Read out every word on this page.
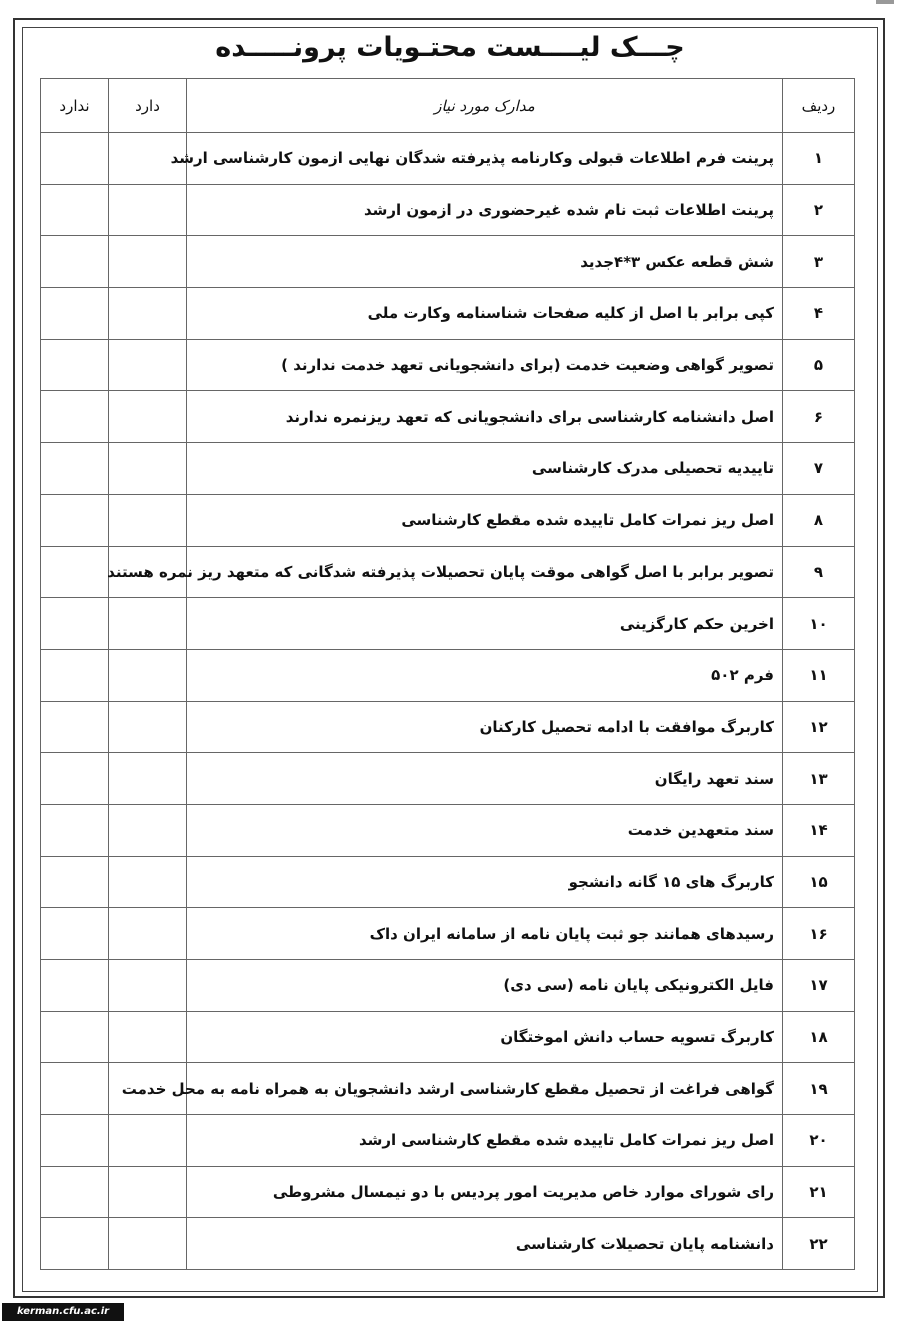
چـــک لیــــست محتـویات پرونـــــده
ردیف	مدارک مورد نیاز	دارد	ندارد
۱	پرینت فرم اطلاعات قبولی وکارنامه پذیرفته شدگان نهایی ازمون کارشناسی ارشد		
۲	پرینت اطلاعات ثبت نام شده غیرحضوری در ازمون ارشد		
۳	شش قطعه عکس ۳*۴جدید		
۴	کپی برابر با اصل از کلیه صفحات شناسنامه وکارت ملی		
۵	تصویر گواهی وضعیت خدمت (برای دانشجویانی تعهد خدمت ندارند )		
۶	اصل دانشنامه کارشناسی برای دانشجویانی که تعهد ریزنمره ندارند		
۷	تاییدیه تحصیلی مدرک کارشناسی		
۸	اصل ریز نمرات کامل تاییده شده مقطع کارشناسی		
۹	تصویر برابر با اصل گواهی موقت پایان تحصیلات پذیرفته شدگانی که متعهد ریز نمره هستند		
۱۰	اخرین حکم کارگزینی		
۱۱	فرم ۵۰۲		
۱۲	کاربرگ موافقت با ادامه تحصیل کارکنان		
۱۳	سند تعهد رایگان		
۱۴	سند متعهدین خدمت		
۱۵	کاربرگ های ۱۵ گانه دانشجو		
۱۶	رسیدهای همانند جو ثبت پایان نامه از سامانه ایران داک		
۱۷	فایل الکترونیکی پایان نامه (سی دی)		
۱۸	کاربرگ تسویه حساب دانش اموختگان		
۱۹	گواهی فراغت از تحصیل مقطع کارشناسی ارشد دانشجویان به همراه نامه به محل خدمت		
۲۰	اصل ریز نمرات کامل تاییده شده مقطع کارشناسی ارشد		
۲۱	رای شورای موارد خاص مدیریت امور پردیس با دو نیمسال مشروطی		
۲۲	دانشنامه پایان تحصیلات کارشناسی		
kerman.cfu.ac.ir
